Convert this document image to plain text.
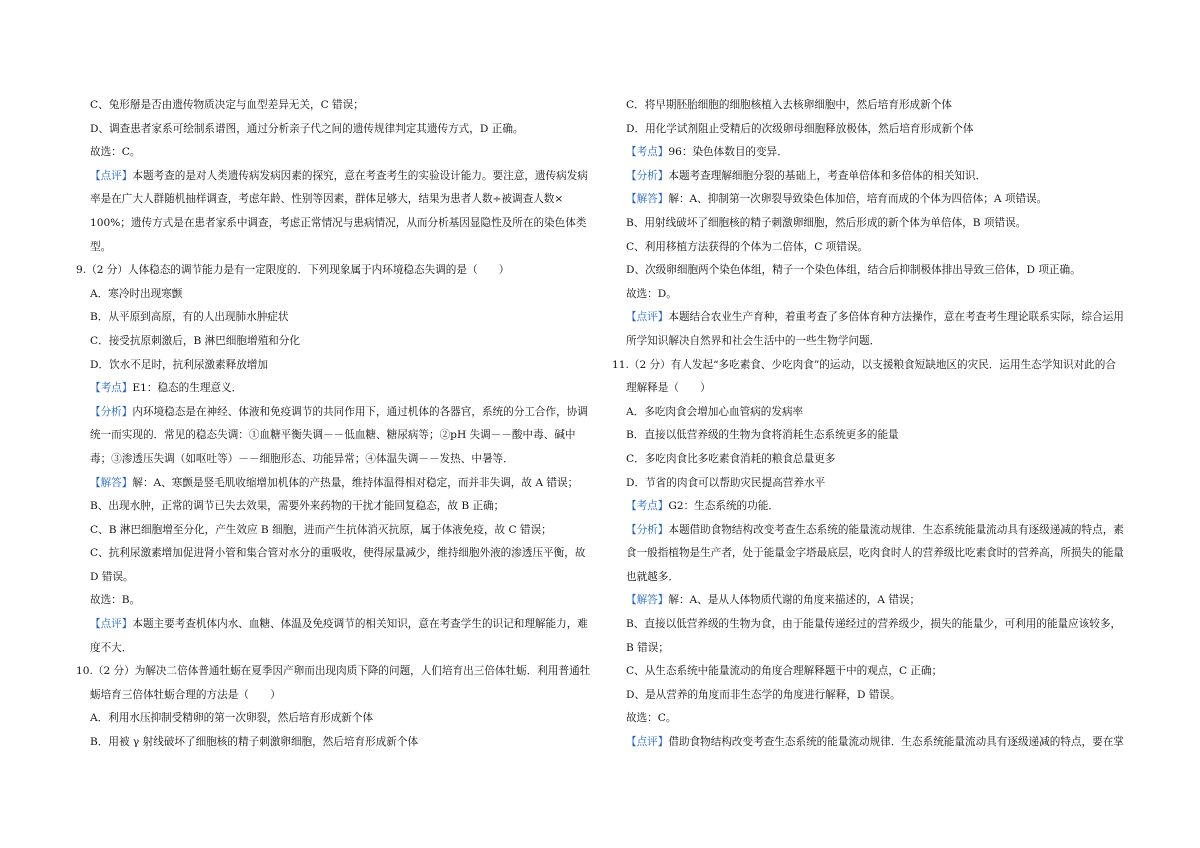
C、兔形掰是否由遗传物质决定与血型差异无关，C 错误；
D、调查患者家系可绘制系谱图，通过分析亲子代之间的遗传规律判定其遗传方式，D 正确。
故选：C。
【点评】本题考查的是对人类遗传病发病因素的探究，意在考查考生的实验设计能力。要注意，遗传病发病
率是在广大人群随机抽样调查，考虑年龄、性别等因素，群体足够大，结果为患者人数÷被调查人数×
100%；遗传方式是在患者家系中调查，考虑正常情况与患病情况，从而分析基因显隐性及所在的染色体类
型。
9.（2 分）人体稳态的调节能力是有一定限度的．下列现象属于内环境稳态失调的是（　　）
A．寒冷时出现寒颤
B．从平原到高原，有的人出现肺水肿症状
C．接受抗原刺激后，B 淋巴细胞增殖和分化
D．饮水不足时，抗利尿激素释放增加
【考点】E1：稳态的生理意义．
【分析】内环境稳态是在神经、体液和免疫调节的共同作用下，通过机体的各器官，系统的分工合作，协调
统一而实现的．常见的稳态失调：①血糖平衡失调－－低血糖、糖尿病等；②pH 失调－－酸中毒、碱中
毒；③渗透压失调（如呕吐等）－－细胞形态、功能异常；④体温失调－－发热、中暑等．
【解答】解：A、寒颤是竖毛肌收缩增加机体的产热量，维持体温得相对稳定，而并非失调，故 A 错误；
B、出现水肿，正常的调节已失去效果，需要外来药物的干扰才能回复稳态，故 B 正确；
C、B 淋巴细胞增至分化，产生效应 B 细胞，进而产生抗体消灭抗原，属于体液免疫，故 C 错误；
C、抗利尿激素增加促进肾小管和集合管对水分的重吸收，使得尿量减少，维持细胞外液的渗透压平衡，故
D 错误。
故选：B。
【点评】本题主要考查机体内水、血糖、体温及免疫调节的相关知识，意在考查学生的识记和理解能力，难
度不大．
10.（2 分）为解决二倍体普通牡蛎在夏季因产卵而出现肉质下降的问题，人们培育出三倍体牡蛎．利用普通牡
蛎培育三倍体牡蛎合理的方法是（　　）
A．利用水压抑制受精卵的第一次卵裂，然后培育形成新个体
B．用被 γ 射线破坏了细胞核的精子刺激卵细胞，然后培育形成新个体
C．将早期胚胎细胞的细胞核植入去核卵细胞中，然后培育形成新个体
D．用化学试剂阻止受精后的次级卵母细胞释放极体，然后培育形成新个体
【考点】96：染色体数目的变异．
【分析】本题考查理解细胞分裂的基础上，考查单倍体和多倍体的相关知识．
【解答】解：A、抑制第一次卵裂导致染色体加倍，培育而成的个体为四倍体；A 项错误。
B、用射线破坏了细胞核的精子刺激卵细胞，然后形成的新个体为单倍体，B 项错误。
C、利用移植方法获得的个体为二倍体，C 项错误。
D、次级卵细胞两个染色体组，精子一个染色体组，结合后抑制极体排出导致三倍体，D 项正确。
故选：D。
【点评】本题结合农业生产育种，着重考查了多倍体育种方法操作，意在考查考生理论联系实际，综合运用
所学知识解决自然界和社会生活中的一些生物学问题．
11.（2 分）有人发起“多吃素食、少吃肉食”的运动，以支援粮食短缺地区的灾民．运用生态学知识对此的合
理解释是（　　）
A．多吃肉食会增加心血管病的发病率
B．直接以低营养级的生物为食将消耗生态系统更多的能量
C．多吃肉食比多吃素食消耗的粮食总量更多
D．节省的肉食可以帮助灾民提高营养水平
【考点】G2：生态系统的功能．
【分析】本题借助食物结构改变考查生态系统的能量流动规律．生态系统能量流动具有逐级递减的特点，素
食一般指植物是生产者，处于能量金字塔最底层，吃肉食时人的营养级比吃素食时的营养高，所损失的能量
也就越多．
【解答】解：A、是从人体物质代谢的角度来描述的，A 错误；
B、直接以低营养级的生物为食，由于能量传递经过的营养级少，损失的能量少，可利用的能量应该较多，
B 错误；
C、从生态系统中能量流动的角度合理解释题干中的观点，C 正确；
D、是从营养的角度而非生态学的角度进行解释，D 错误。
故选：C。
【点评】借助食物结构改变考查生态系统的能量流动规律．生态系统能量流动具有逐级递减的特点，要在掌
